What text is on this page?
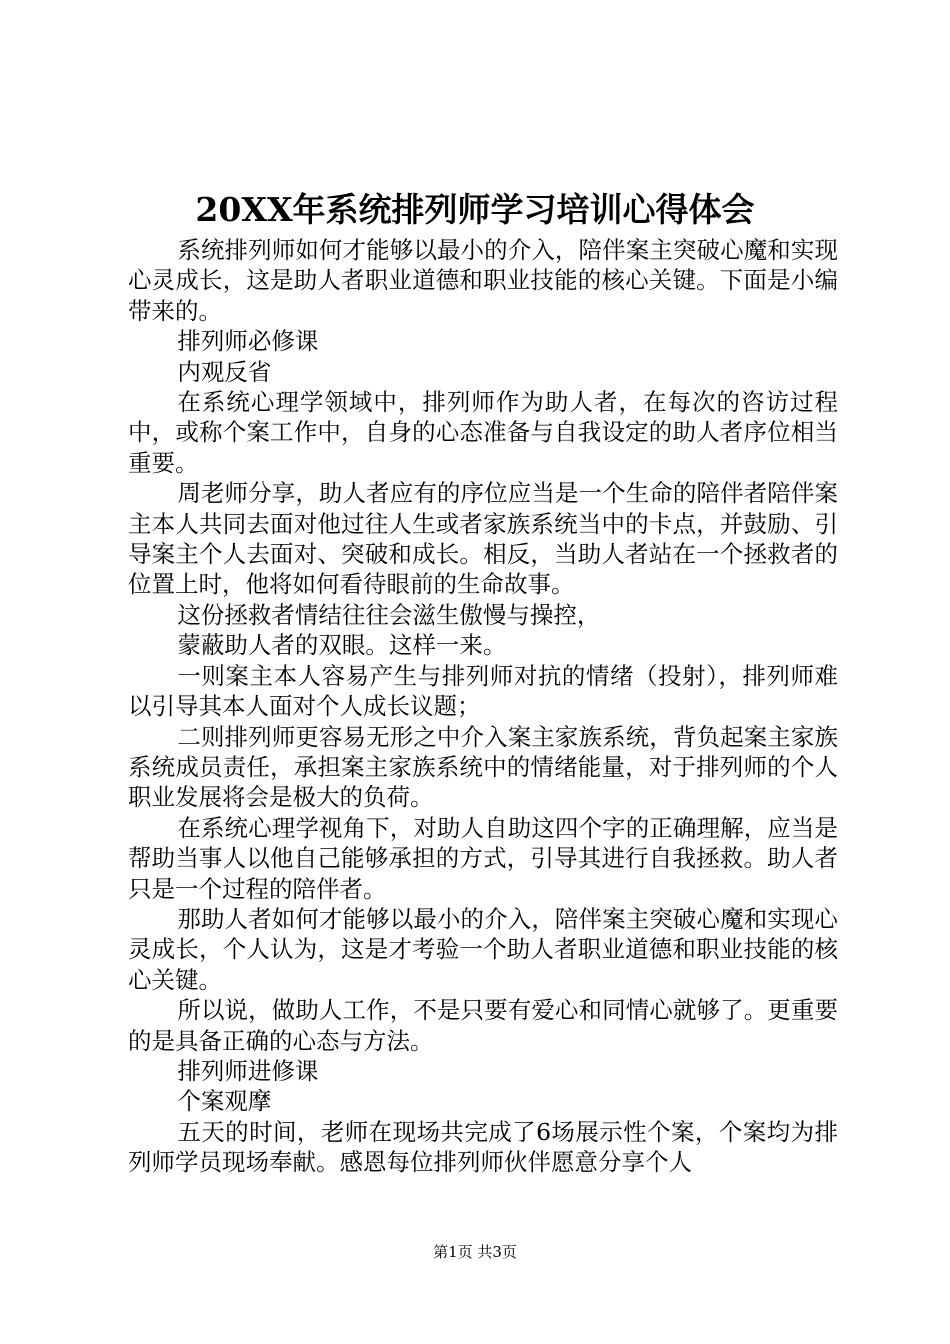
20XX年系统排列师学习培训心得体会

系统排列师如何才能够以最小的介入，陪伴案主突破心魔和实现心灵成长，这是助人者职业道德和职业技能的核心关键。下面是小编带来的。

排列师必修课

内观反省

在系统心理学领域中，排列师作为助人者，在每次的咨访过程中，或称个案工作中，自身的心态准备与自我设定的助人者序位相当重要。

周老师分享，助人者应有的序位应当是一个生命的陪伴者陪伴案主本人共同去面对他过往人生或者家族系统当中的卡点，并鼓励、引导案主个人去面对、突破和成长。相反，当助人者站在一个拯救者的位置上时，他将如何看待眼前的生命故事。

这份拯救者情结往往会滋生傲慢与操控，

蒙蔽助人者的双眼。这样一来。

一则案主本人容易产生与排列师对抗的情绪（投射），排列师难以引导其本人面对个人成长议题；

二则排列师更容易无形之中介入案主家族系统，背负起案主家族系统成员责任，承担案主家族系统中的情绪能量，对于排列师的个人职业发展将会是极大的负荷。

在系统心理学视角下，对助人自助这四个字的正确理解，应当是帮助当事人以他自己能够承担的方式，引导其进行自我拯救。助人者只是一个过程的陪伴者。

那助人者如何才能够以最小的介入，陪伴案主突破心魔和实现心灵成长，个人认为，这是才考验一个助人者职业道德和职业技能的核心关键。

所以说，做助人工作，不是只要有爱心和同情心就够了。更重要的是具备正确的心态与方法。

排列师进修课

个案观摩

五天的时间，老师在现场共完成了6场展示性个案，个案均为排列师学员现场奉献。感恩每位排列师伙伴愿意分享个人

第1页 共3页
